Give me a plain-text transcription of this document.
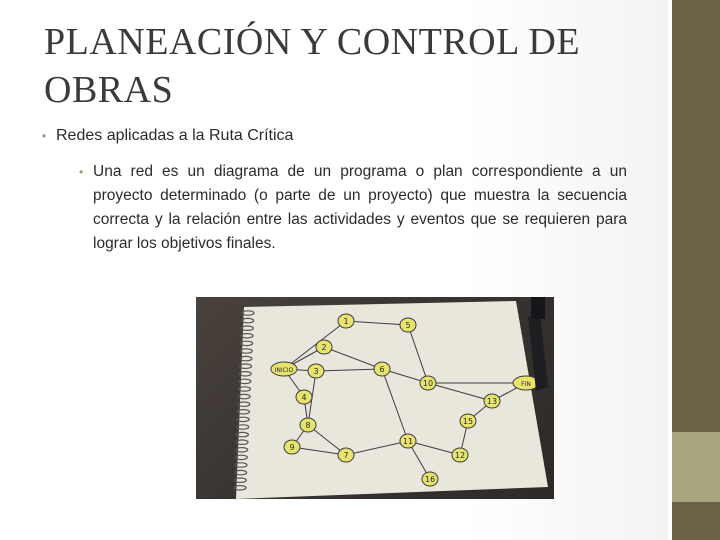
PLANEACIÓN Y CONTROL DE OBRAS
• Redes aplicadas a la Ruta Crítica
• Una red es un diagrama de un programa o plan correspondiente a un proyecto determinado (o parte de un proyecto) que muestra la secuencia correcta y la relación entre las actividades y eventos que se requieren para lograr los objetivos finales.
1
2
3
4
5
6
7
8
9
10
11
12
13
15
16
FIN
INICIO
